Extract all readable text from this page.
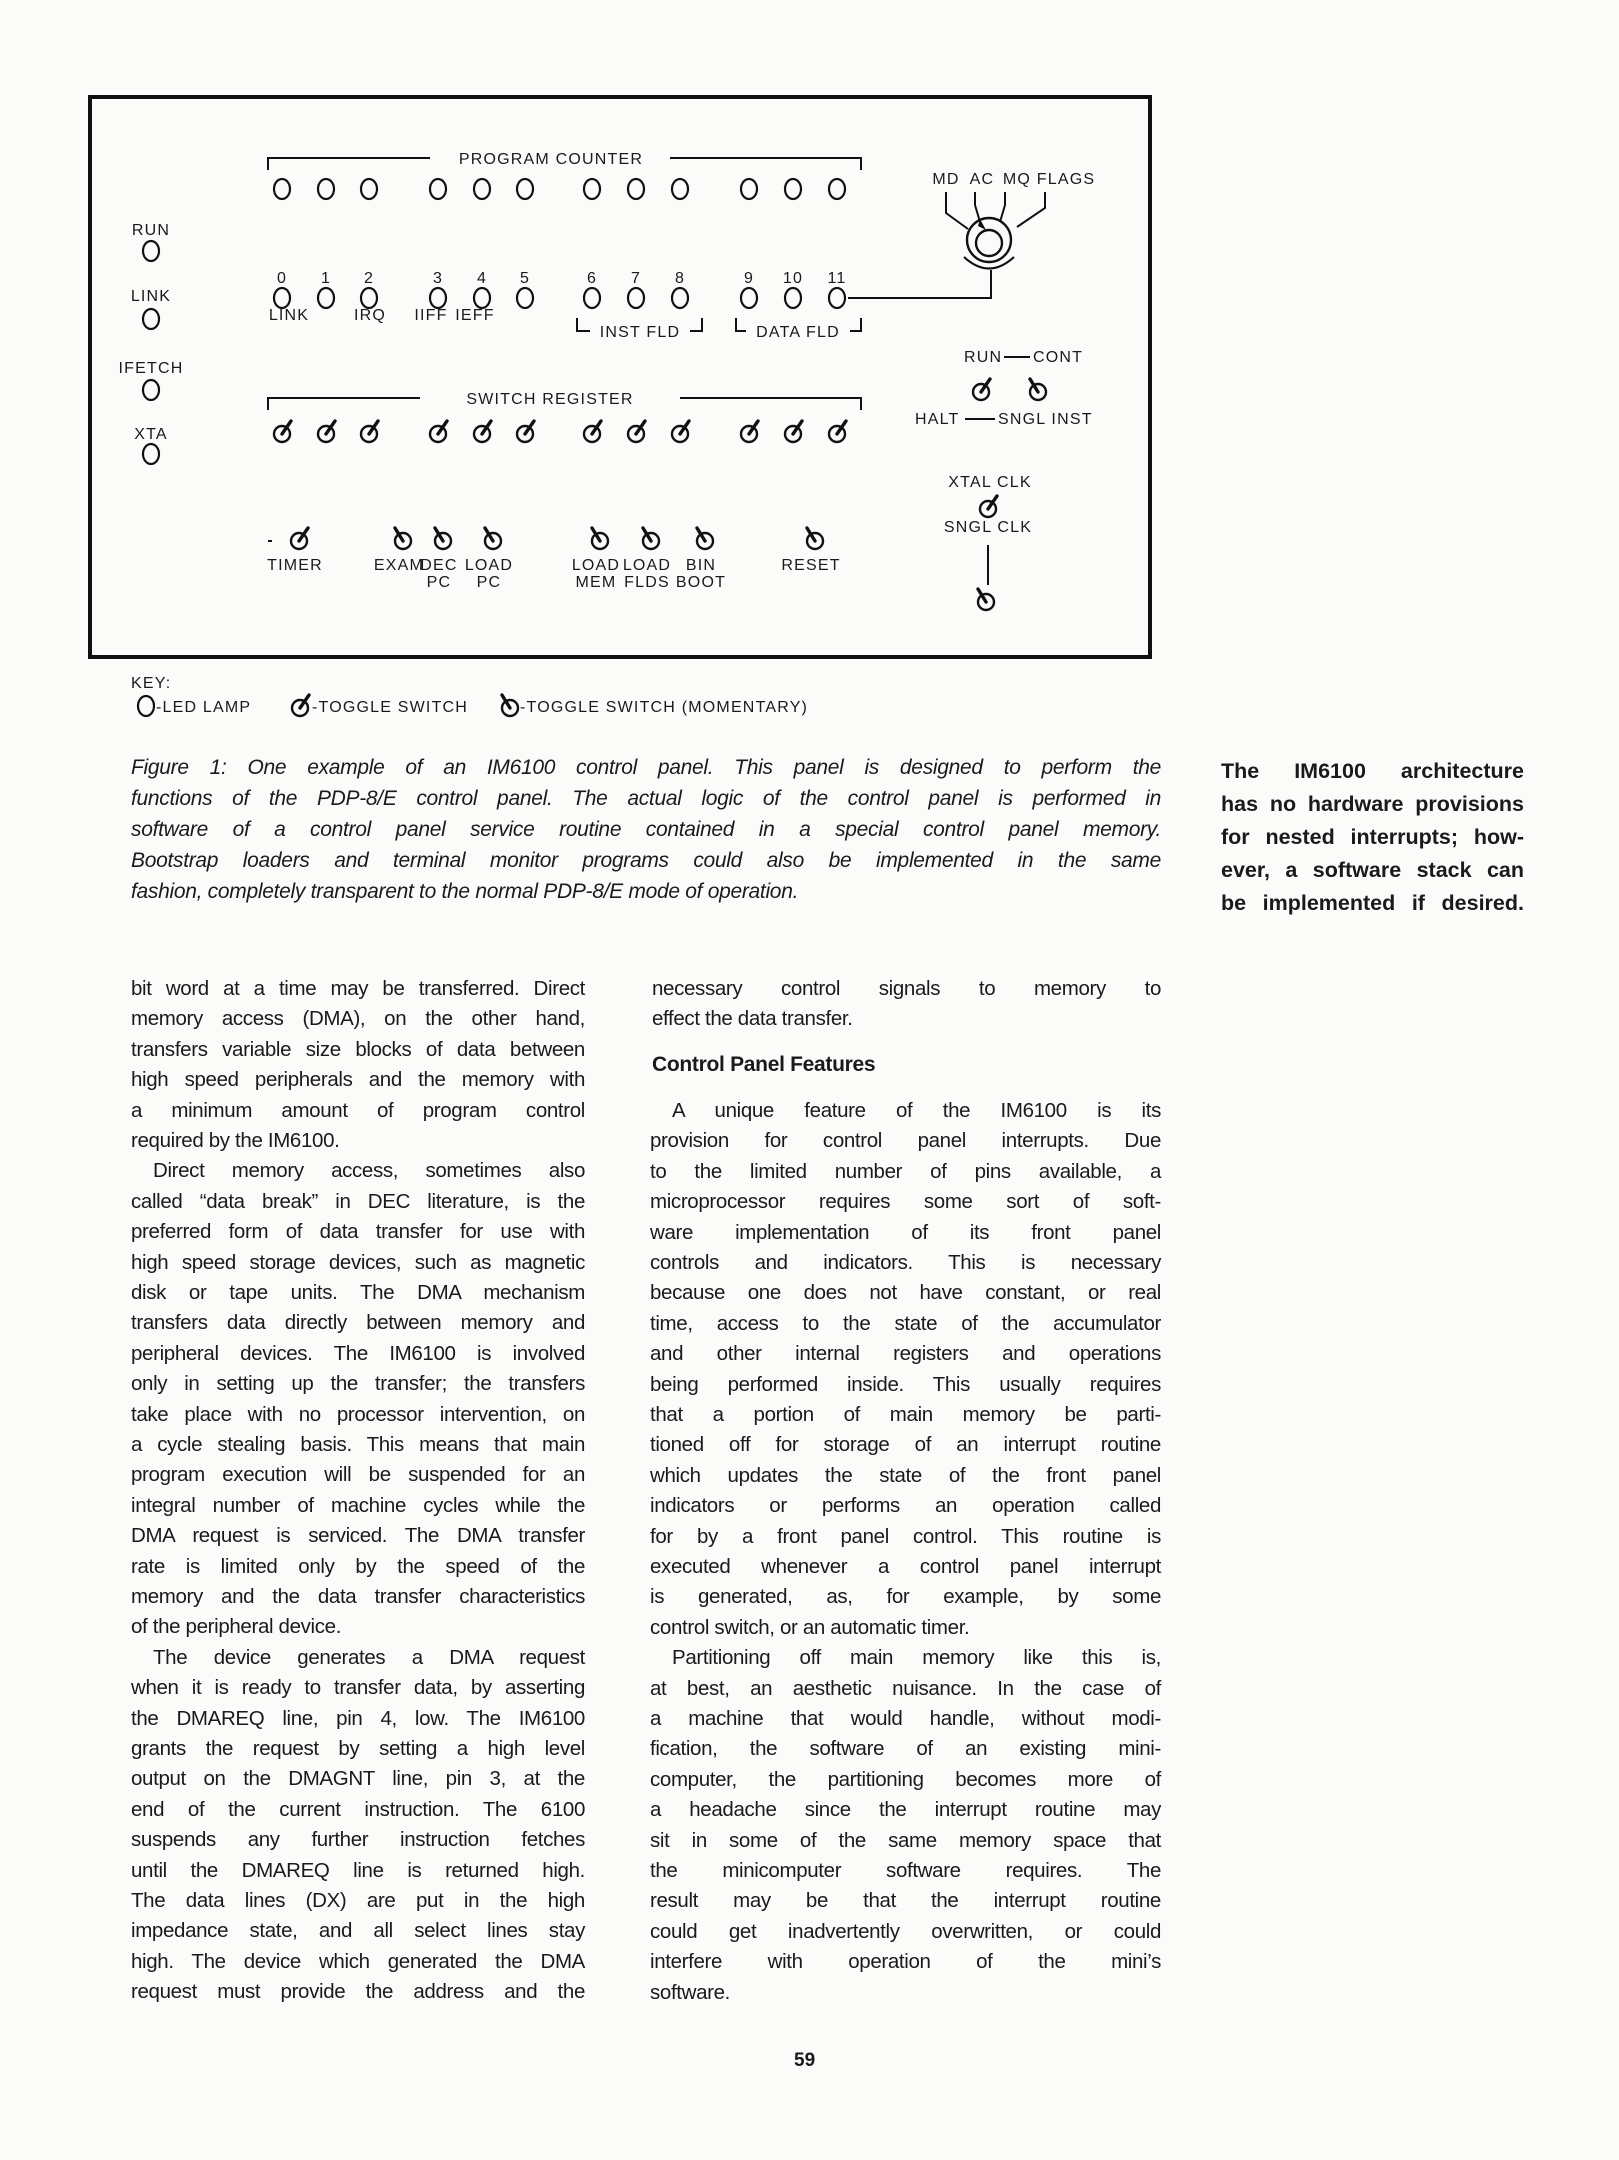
PROGRAM COUNTER
RUN
LINK
IFETCH
XTA
0 1 2	3 4 5	6 7 8	9 10 11
LINK	IRQ IIFF IEFF
INST FLD	DATA FLD
SWITCH REGISTER
TIMER	EXAM
DEC
PC
LOAD
PC
LOAD
MEM
LOAD
FLDS
BIN
BOOT
RESET
MD AC MQ FLAGS
RUN CONT
HALT SNGL INST
XTAL CLK
SNGL CLK
KEY:
-LED LAMP	-TOGGLE SWITCH	-TOGGLE SWITCH (MOMENTARY)
Figure 1: One example of an IM6100 control panel. This panel is designed to perform the
functions of the PDP-8/E control panel. The actual logic of the control panel is performed in
software of a control panel service routine contained in a special control panel memory.
Bootstrap loaders and terminal monitor programs could also be implemented in the same
fashion, completely transparent to the normal PDP-8/E mode of operation.
The IM6100 architecture
has no hardware provisions
for nested interrupts; how-
ever, a software stack can
be implemented if desired.
bit word at a time may be transferred. Direct
memory access (DMA), on the other hand,
transfers variable size blocks of data between
high speed peripherals and the memory with
a minimum amount of program control
required by the IM6100.
Direct memory access, sometimes also
called “data break” in DEC literature, is the
preferred form of data transfer for use with
high speed storage devices, such as magnetic
disk or tape units. The DMA mechanism
transfers data directly between memory and
peripheral devices. The IM6100 is involved
only in setting up the transfer; the transfers
take place with no processor intervention, on
a cycle stealing basis. This means that main
program execution will be suspended for an
integral number of machine cycles while the
DMA request is serviced. The DMA transfer
rate is limited only by the speed of the
memory and the data transfer characteristics
of the peripheral device.
The device generates a DMA request
when it is ready to transfer data, by asserting
the DMAREQ line, pin 4, low. The IM6100
grants the request by setting a high level
output on the DMAGNT line, pin 3, at the
end of the current instruction. The 6100
suspends any further instruction fetches
until the DMAREQ line is returned high.
The data lines (DX) are put in the high
impedance state, and all select lines stay
high. The device which generated the DMA
request must provide the address and the
necessary control signals to memory to
effect the data transfer.
Control Panel Features
A unique feature of the IM6100 is its
provision for control panel interrupts. Due
to the limited number of pins available, a
microprocessor requires some sort of soft-
ware implementation of its front panel
controls and indicators. This is necessary
because one does not have constant, or real
time, access to the state of the accumulator
and other internal registers and operations
being performed inside. This usually requires
that a portion of main memory be parti-
tioned off for storage of an interrupt routine
which updates the state of the front panel
indicators or performs an operation called
for by a front panel control. This routine is
executed whenever a control panel interrupt
is generated, as, for example, by some
control switch, or an automatic timer.
Partitioning off main memory like this is,
at best, an aesthetic nuisance. In the case of
a machine that would handle, without modi-
fication, the software of an existing mini-
computer, the partitioning becomes more of
a headache since the interrupt routine may
sit in some of the same memory space that
the minicomputer software requires. The
result may be that the interrupt routine
could get inadvertently overwritten, or could
interfere with operation of the mini’s
software.
59
